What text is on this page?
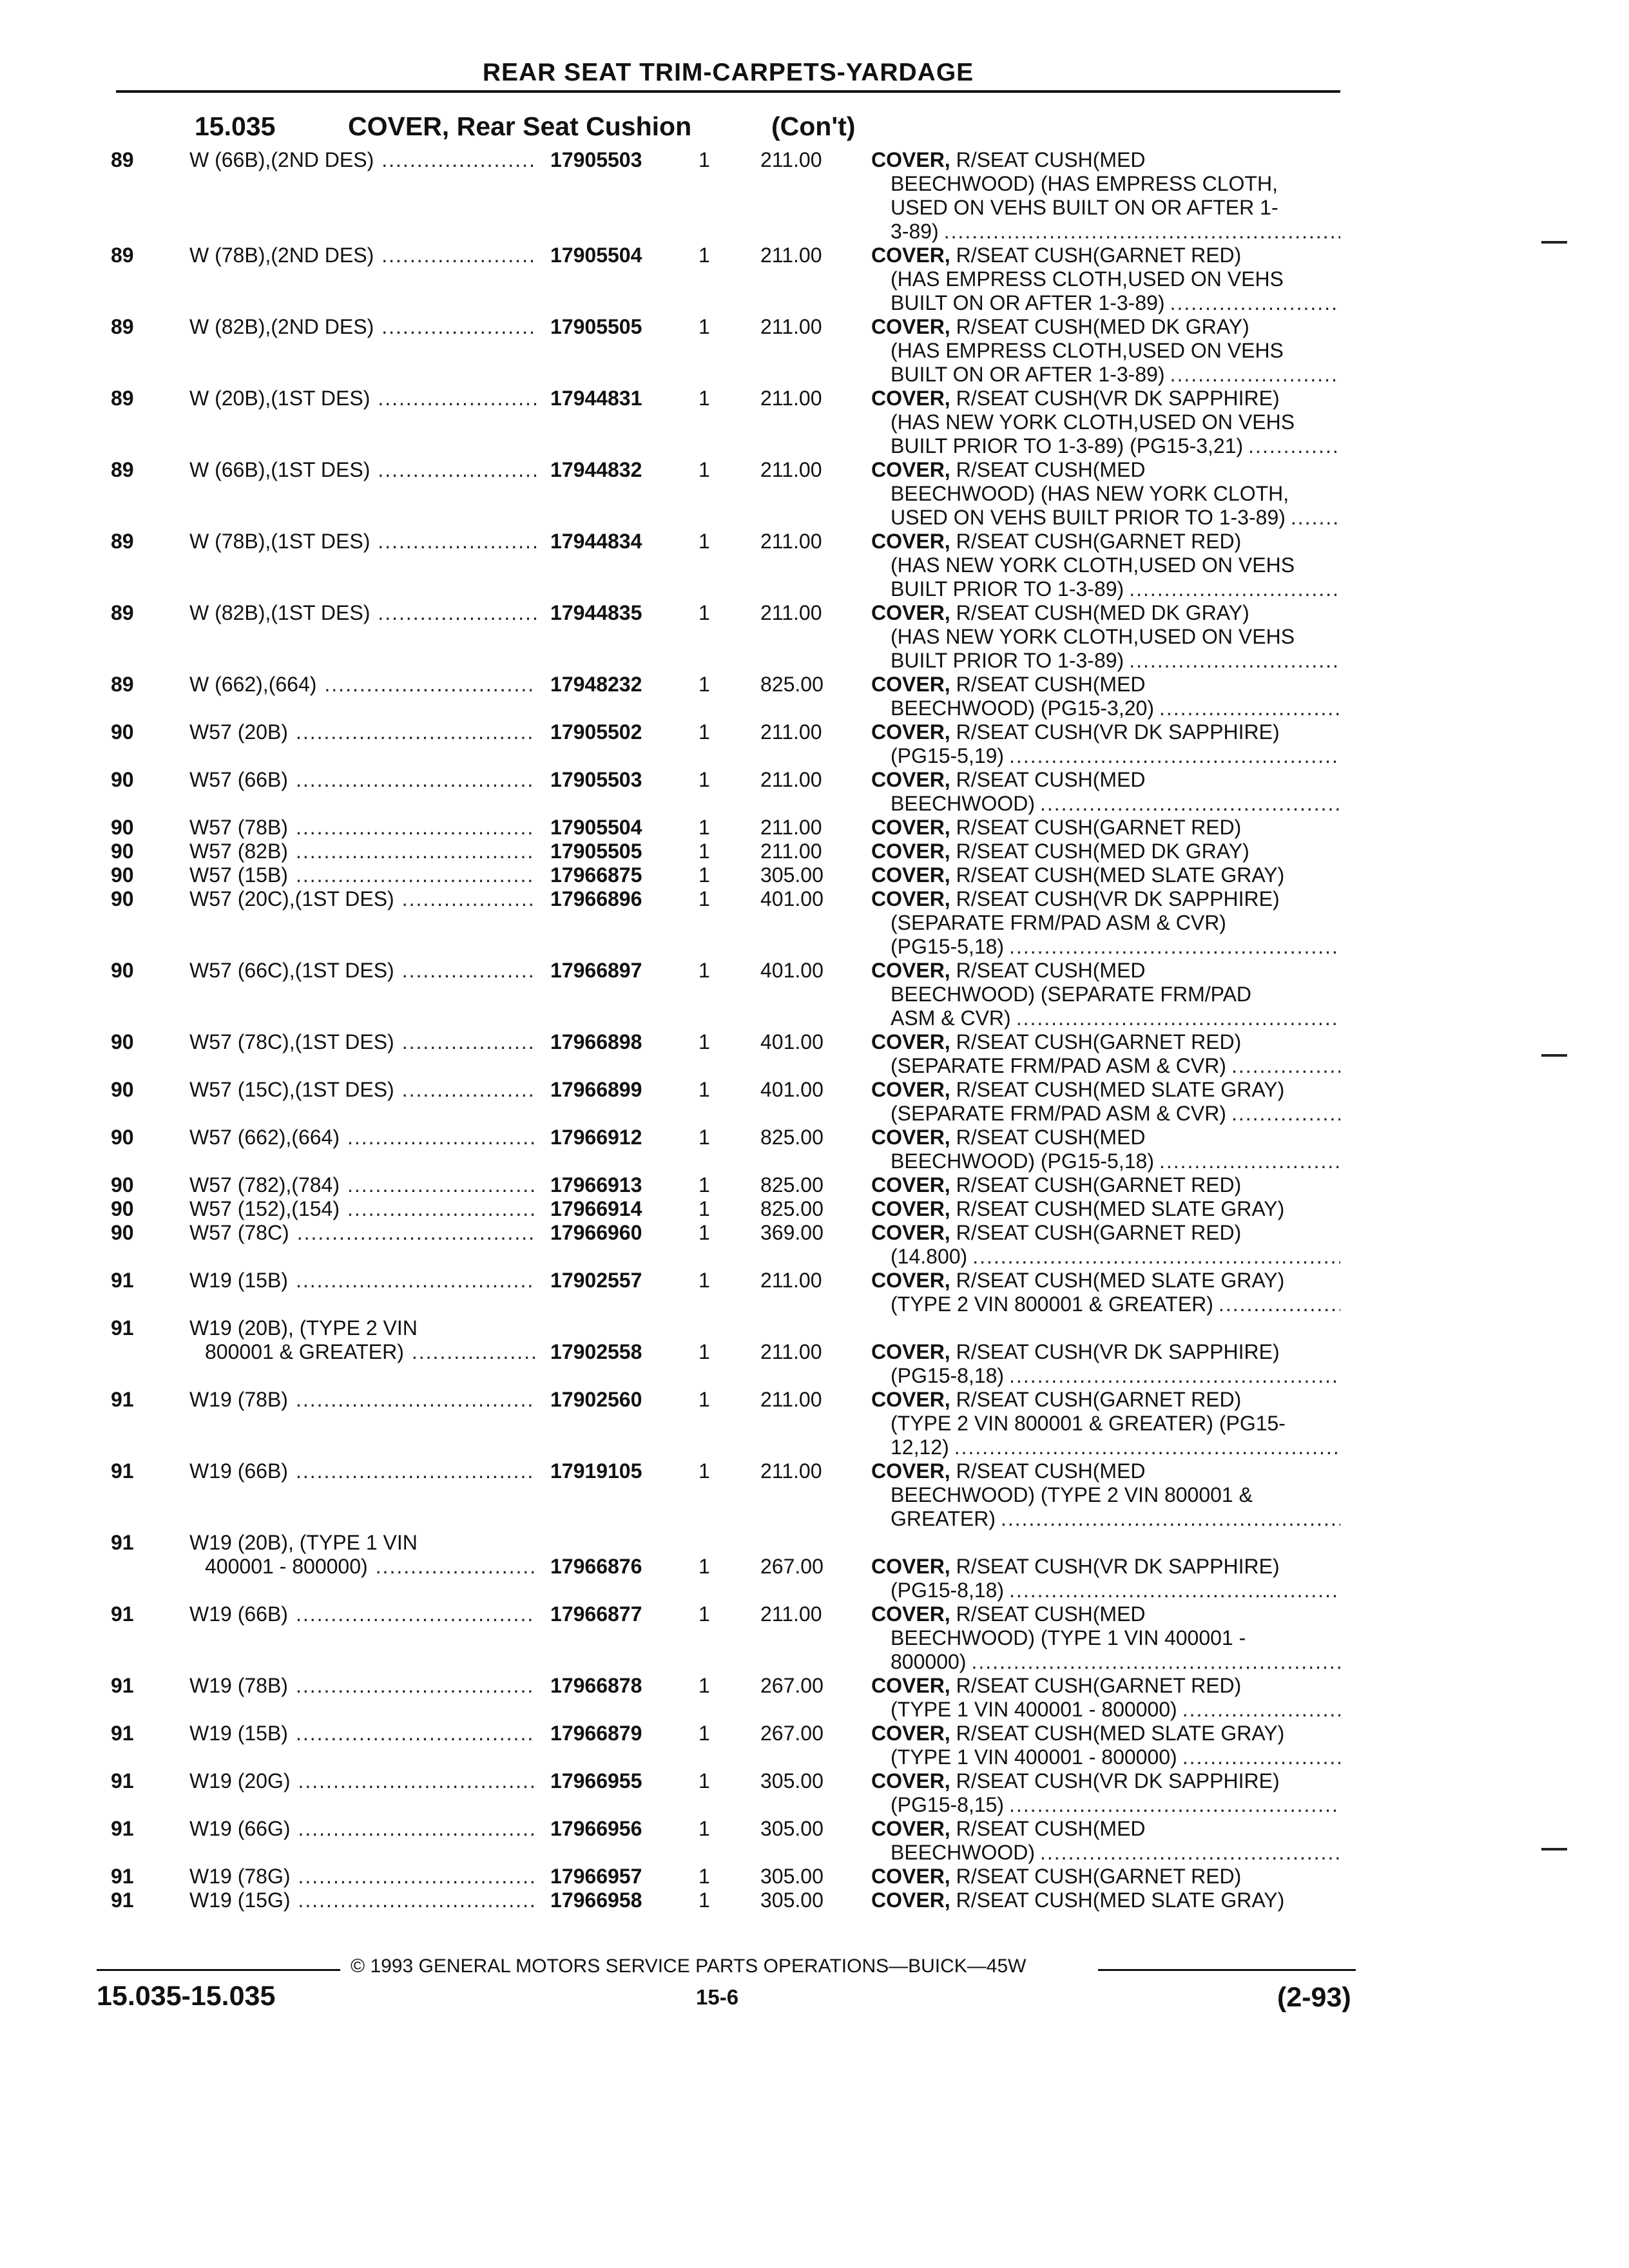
REAR SEAT TRIM-CARPETS-YARDAGE
15.035	COVER, Rear Seat Cushion	(Con't)
89	W (66B),(2ND DES) .....	17905503	1 211.00 COVER, R/SEAT CUSH(MED
BEECHWOOD) (HAS EMPRESS CLOTH,
USED ON VEHS BUILT ON OR AFTER 1-
3-89)
.....
89	W (78B),(2ND DES) .....	17905504	1 211.00 COVER, R/SEAT CUSH(GARNET RED)
(HAS EMPRESS CLOTH,USED ON VEHS
BUILT ON OR AFTER 1-3-89)
.....
89	W (82B),(2ND DES) .....	17905505	1 211.00 COVER, R/SEAT CUSH(MED DK GRAY)
(HAS EMPRESS CLOTH,USED ON VEHS
BUILT ON OR AFTER 1-3-89)
.....
89	W (20B),(1ST DES) .....	17944831	1 211.00 COVER, R/SEAT CUSH(VR DK SAPPHIRE)
(HAS NEW YORK CLOTH,USED ON VEHS
BUILT PRIOR TO 1-3-89) (PG15-3,21)
.....
89	W (66B),(1ST DES) .....	17944832	1 211.00 COVER, R/SEAT CUSH(MED
BEECHWOOD) (HAS NEW YORK CLOTH,
USED ON VEHS BUILT PRIOR TO 1-3-89)
.....
89	W (78B),(1ST DES) .....	17944834	1 211.00 COVER, R/SEAT CUSH(GARNET RED)
(HAS NEW YORK CLOTH,USED ON VEHS
BUILT PRIOR TO 1-3-89)
.....
89	W (82B),(1ST DES) .....	17944835	1 211.00 COVER, R/SEAT CUSH(MED DK GRAY)
(HAS NEW YORK CLOTH,USED ON VEHS
BUILT PRIOR TO 1-3-89)
.....
89	W (662),(664) .....	17948232	1 825.00 COVER, R/SEAT CUSH(MED
BEECHWOOD) (PG15-3,20)
.....
90	W57 (20B) .....	17905502	1 211.00 COVER, R/SEAT CUSH(VR DK SAPPHIRE)
(PG15-5,19)
.....
90	W57 (66B) .....	17905503	1 211.00 COVER, R/SEAT CUSH(MED
BEECHWOOD)
.....
90	W57 (78B) .....	17905504	1 211.00 COVER, R/SEAT CUSH(GARNET RED)
90	W57 (82B) .....	17905505	1 211.00 COVER, R/SEAT CUSH(MED DK GRAY)
90	W57 (15B) .....	17966875	1 305.00 COVER, R/SEAT CUSH(MED SLATE GRAY)
90	W57 (20C),(1ST DES) .....	17966896	1 401.00 COVER, R/SEAT CUSH(VR DK SAPPHIRE)
(SEPARATE FRM/PAD ASM & CVR)
(PG15-5,18)
.....
90	W57 (66C),(1ST DES) .....	17966897	1 401.00 COVER, R/SEAT CUSH(MED
BEECHWOOD) (SEPARATE FRM/PAD
ASM & CVR)
.....
90	W57 (78C),(1ST DES) .....	17966898	1 401.00 COVER, R/SEAT CUSH(GARNET RED)
(SEPARATE FRM/PAD ASM & CVR)
.....
90	W57 (15C),(1ST DES) .....	17966899	1 401.00 COVER, R/SEAT CUSH(MED SLATE GRAY)
(SEPARATE FRM/PAD ASM & CVR)
.....
90	W57 (662),(664) .....	17966912	1 825.00 COVER, R/SEAT CUSH(MED
BEECHWOOD) (PG15-5,18)
.....
90	W57 (782),(784) .....	17966913	1 825.00 COVER, R/SEAT CUSH(GARNET RED)
90	W57 (152),(154) .....	17966914	1 825.00 COVER, R/SEAT CUSH(MED SLATE GRAY)
90	W57 (78C) .....	17966960	1 369.00 COVER, R/SEAT CUSH(GARNET RED)
(14.800)
.....
91	W19 (15B) .....	17902557	1 211.00 COVER, R/SEAT CUSH(MED SLATE GRAY)
(TYPE 2 VIN 800001 & GREATER)
.....
91	W19 (20B), (TYPE 2 VIN
800001 & GREATER) .....	17902558	1 211.00 COVER, R/SEAT CUSH(VR DK SAPPHIRE)
(PG15-8,18)
.....
91	W19 (78B) .....	17902560	1 211.00 COVER, R/SEAT CUSH(GARNET RED)
(TYPE 2 VIN 800001 & GREATER) (PG15-
12,12)
.....
91	W19 (66B) .....	17919105	1 211.00 COVER, R/SEAT CUSH(MED
BEECHWOOD) (TYPE 2 VIN 800001 &
GREATER)
.....
91	W19 (20B), (TYPE 1 VIN
400001 - 800000) .....	17966876	1 267.00 COVER, R/SEAT CUSH(VR DK SAPPHIRE)
(PG15-8,18)
.....
91	W19 (66B) .....	17966877	1 211.00 COVER, R/SEAT CUSH(MED
BEECHWOOD) (TYPE 1 VIN 400001 -
800000)
.....
91	W19 (78B) .....	17966878	1 267.00 COVER, R/SEAT CUSH(GARNET RED)
(TYPE 1 VIN 400001 - 800000)
.....
91	W19 (15B) .....	17966879	1 267.00 COVER, R/SEAT CUSH(MED SLATE GRAY)
(TYPE 1 VIN 400001 - 800000)
.....
91	W19 (20G) .....	17966955	1 305.00 COVER, R/SEAT CUSH(VR DK SAPPHIRE)
(PG15-8,15)
.....
91	W19 (66G) .....	17966956	1 305.00 COVER, R/SEAT CUSH(MED
BEECHWOOD)
.....
91	W19 (78G) .....	17966957	1 305.00 COVER, R/SEAT CUSH(GARNET RED)
91	W19 (15G) .....	17966958	1 305.00 COVER, R/SEAT CUSH(MED SLATE GRAY)
© 1993 GENERAL MOTORS SERVICE PARTS OPERATIONS—BUICK—45W
15.035-15.035	15-6	(2-93)
